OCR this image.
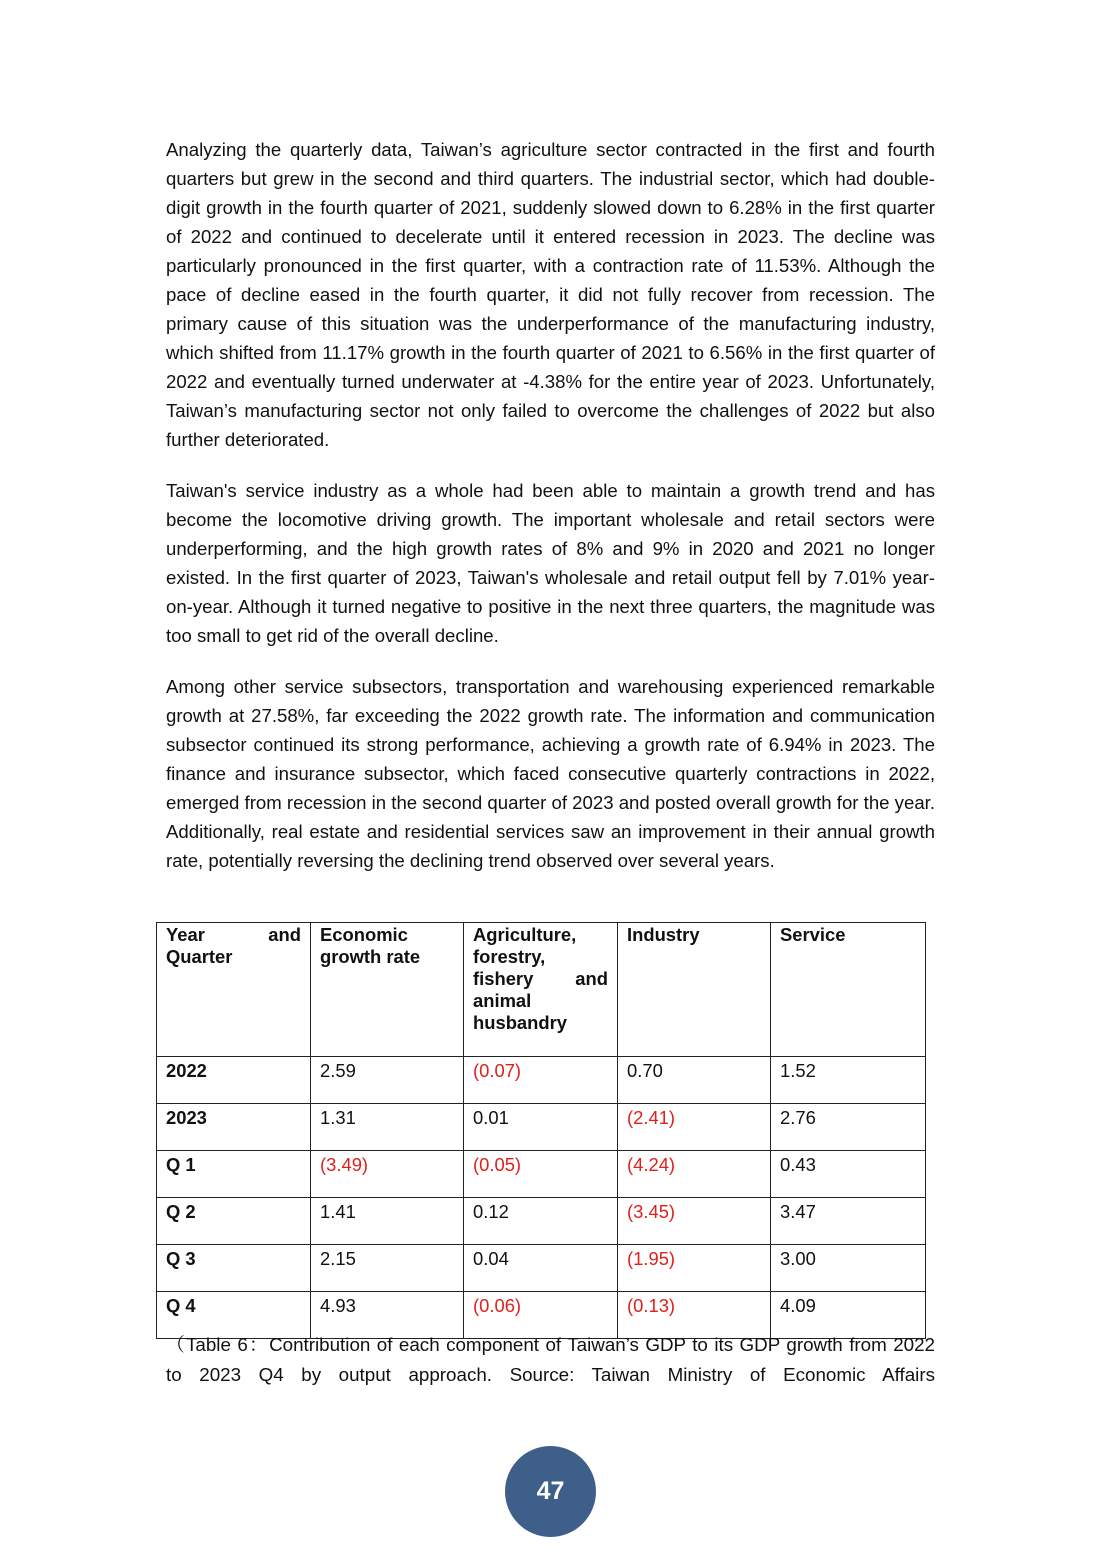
Analyzing the quarterly data, Taiwan’s agriculture sector contracted in the first and fourth quarters but grew in the second and third quarters. The industrial sector, which had double-digit growth in the fourth quarter of 2021, suddenly slowed down to 6.28% in the first quarter of 2022 and continued to decelerate until it entered recession in 2023. The decline was particularly pronounced in the first quarter, with a contraction rate of 11.53%. Although the pace of decline eased in the fourth quarter, it did not fully recover from recession. The primary cause of this situation was the underperformance of the manufacturing industry, which shifted from 11.17% growth in the fourth quarter of 2021 to 6.56% in the first quarter of 2022 and eventually turned underwater at -4.38% for the entire year of 2023. Unfortunately, Taiwan’s manufacturing sector not only failed to overcome the challenges of 2022 but also further deteriorated.

Taiwan's service industry as a whole had been able to maintain a growth trend and has become the locomotive driving growth. The important wholesale and retail sectors were underperforming, and the high growth rates of 8% and 9% in 2020 and 2021 no longer existed. In the first quarter of 2023, Taiwan's wholesale and retail output fell by 7.01% year-on-year. Although it turned negative to positive in the next three quarters, the magnitude was too small to get rid of the overall decline.

Among other service subsectors, transportation and warehousing experienced remarkable growth at 27.58%, far exceeding the 2022 growth rate. The information and communication subsector continued its strong performance, achieving a growth rate of 6.94% in 2023. The finance and insurance subsector, which faced consecutive quarterly contractions in 2022, emerged from recession in the second quarter of 2023 and posted overall growth for the year. Additionally, real estate and residential services saw an improvement in their annual growth rate, potentially reversing the declining trend observed over several years.

Year and Quarter	Economic growth rate	Agriculture, forestry, fishery and animal husbandry	Industry	Service
2022	2.59	(0.07)	0.70	1.52
2023	1.31	0.01	(2.41)	2.76
Q 1	(3.49)	(0.05)	(4.24)	0.43
Q 2	1.41	0.12	(3.45)	3.47
Q 3	2.15	0.04	(1.95)	3.00
Q 4	4.93	(0.06)	(0.13)	4.09
（Table 6：Contribution of each component of Taiwan’s GDP to its GDP growth from 2022 to 2023 Q4 by output approach. Source: Taiwan Ministry of Economic Affairs
47
